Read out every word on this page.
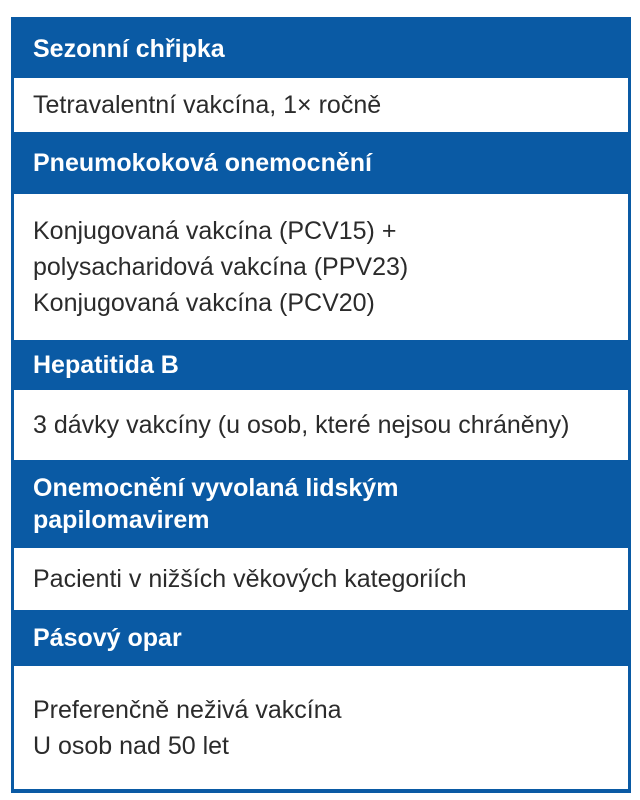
Sezonní chřipka
Tetravalentní vakcína, 1× ročně
Pneumokoková onemocnění
Konjugovaná vakcína (PCV15) +
polysacharidová vakcína (PPV23)
Konjugovaná vakcína (PCV20)
Hepatitida B
3 dávky vakcíny (u osob, které nejsou chráněny)
Onemocnění vyvolaná lidským
papilomavirem
Pacienti v nižších věkových kategoriích
Pásový opar
Preferenčně neživá vakcína
U osob nad 50 let
